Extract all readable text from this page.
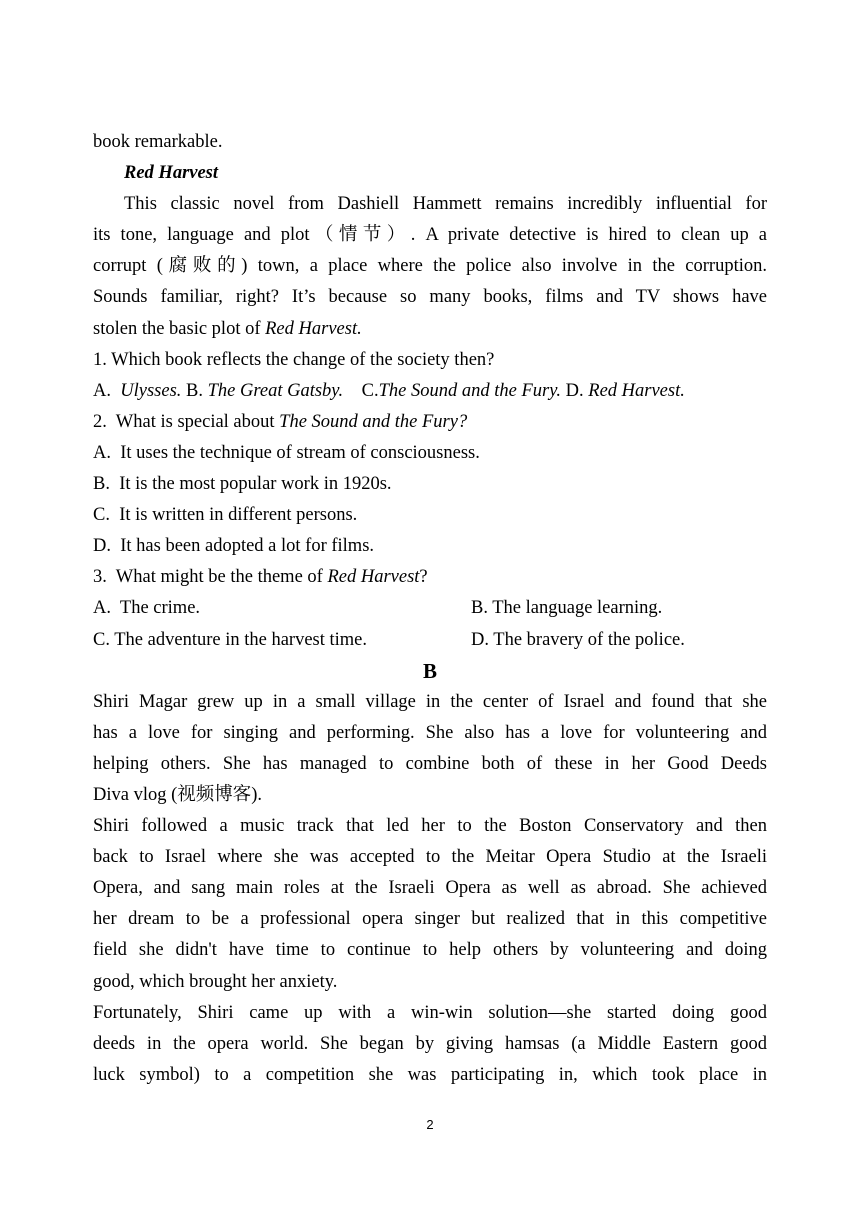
book remarkable.
Red Harvest
This classic novel from Dashiell Hammett remains incredibly influential for
its tone, language and plot（情节）. A private detective is hired to clean up a
corrupt (腐败的) town, a place where the police also involve in the corruption.
Sounds familiar, right? It’s because so many books, films and TV shows have
stolen the basic plot of Red Harvest.
1. Which book reflects the change of the society then?
A.  Ulysses. B. The Great Gatsby.    C.The Sound and the Fury. D. Red Harvest.
2.  What is special about The Sound and the Fury?
A.  It uses the technique of stream of consciousness.
B.  It is the most popular work in 1920s.
C.  It is written in different persons.
D.  It has been adopted a lot for films.
3.  What might be the theme of Red Harvest?
A.  The crime.	B. The language learning.
C. The adventure in the harvest time.	D. The bravery of the police.
B
Shiri Magar grew up in a small village in the center of Israel and found that she
has a love for singing and performing. She also has a love for volunteering and
helping others. She has managed to combine both of these in her Good Deeds
Diva vlog (视频博客).
Shiri followed a music track that led her to the Boston Conservatory and then
back to Israel where she was accepted to the Meitar Opera Studio at the Israeli
Opera, and sang main roles at the Israeli Opera as well as abroad. She achieved
her dream to be a professional opera singer but realized that in this competitive
field she didn't have time to continue to help others by volunteering and doing
good, which brought her anxiety.
Fortunately, Shiri came up with a win-win solution—she started doing good
deeds in the opera world. She began by giving hamsas (a Middle Eastern good
luck symbol) to a competition she was participating in, which took place in
2
